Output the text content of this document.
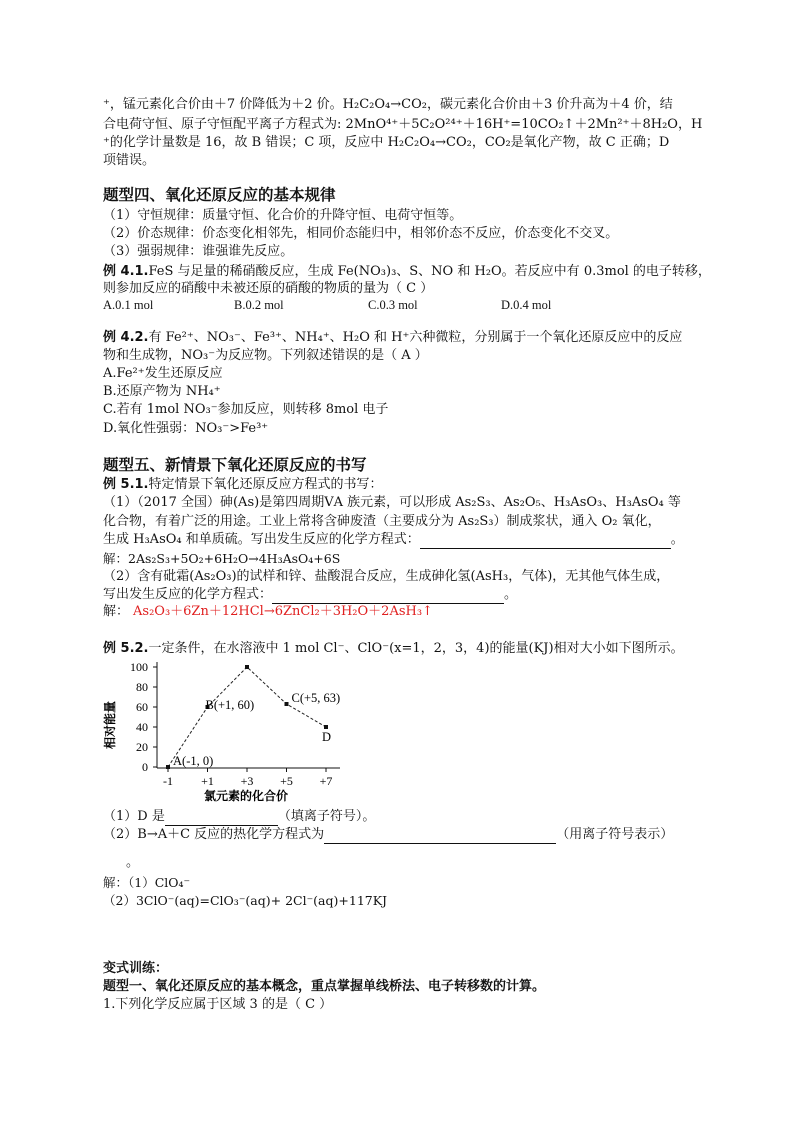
⁺，锰元素化合价由＋7 价降低为＋2 价。H₂C₂O₄→CO₂，碳元素化合价由＋3 价升高为＋4 价，结
合电荷守恒、原子守恒配平离子方程式为: 2MnO⁴⁺＋5C₂O²⁴⁺＋16H⁺=10CO₂↑＋2Mn²⁺＋8H₂O，H
⁺的化学计量数是 16，故 B 错误；C 项，反应中 H₂C₂O₄→CO₂，CO₂是氧化产物，故 C 正确；D
项错误。
题型四、氧化还原反应的基本规律
（1）守恒规律：质量守恒、化合价的升降守恒、电荷守恒等。
（2）价态规律：价态变化相邻先，相同价态能归中，相邻价态不反应，价态变化不交叉。
（3）强弱规律：谁强谁先反应。
例 4.1.FeS 与足量的稀硝酸反应，生成 Fe(NO₃)₃、S、NO 和 H₂O。若反应中有 0.3mol 的电子转移，
则参加反应的硝酸中未被还原的硝酸的物质的量为（ C ）
A.0.1 mol	B.0.2 mol	C.0.3 mol	D.0.4 mol
例 4.2.有 Fe²⁺、NO₃⁻、Fe³⁺、NH₄⁺、H₂O 和 H⁺六种微粒，分别属于一个氧化还原反应中的反应
物和生成物，NO₃⁻为反应物。下列叙述错误的是（ A ）
A.Fe²⁺发生还原反应
B.还原产物为 NH₄⁺
C.若有 1mol NO₃⁻参加反应，则转移 8mol 电子
D.氧化性强弱：NO₃⁻>Fe³⁺
题型五、新情景下氧化还原反应的书写
例 5.1.特定情景下氧化还原反应方程式的书写：
（1）（2017 全国）砷(As)是第四周期ⅤA 族元素，可以形成 As₂S₃、As₂O₅、H₃AsO₃、H₃AsO₄ 等
化合物，有着广泛的用途。工业上常将含砷废渣（主要成分为 As₂S₃）制成浆状，通入 O₂ 氧化，
生成 H₃AsO₄ 和单质硫。写出发生反应的化学方程式：	。
解：2As₂S₃+5O₂+6H₂O→4H₃AsO₄+6S
（2）含有砒霜(As₂O₃)的试样和锌、盐酸混合反应，生成砷化氢(AsH₃，气体)，无其他气体生成，
写出发生反应的化学方程式：	。
解： As₂O₃＋6Zn＋12HCl→6ZnCl₂＋3H₂O＋2AsH₃↑
例 5.2.一定条件，在水溶液中 1 mol Cl⁻、ClO⁻(x=1，2，3，4)的能量(KJ)相对大小如下图所示。
相对能量
0
20
40
60
80
100
-1 +1 +3 +5 +7
A(-1, 0)
B(+1, 60)	C(+5, 63)
D
氯元素的化合价
（1）D 是	（填离子符号）。
（2）B→A＋C 反应的热化学方程式为	（用离子符号表示）
。
解：（1）ClO₄⁻
（2）3ClO⁻(aq)=ClO₃⁻(aq)+ 2Cl⁻(aq)+117KJ
变式训练：
题型一、氧化还原反应的基本概念，重点掌握单线桥法、电子转移数的计算。
1.下列化学反应属于区域 3 的是（ C ）
